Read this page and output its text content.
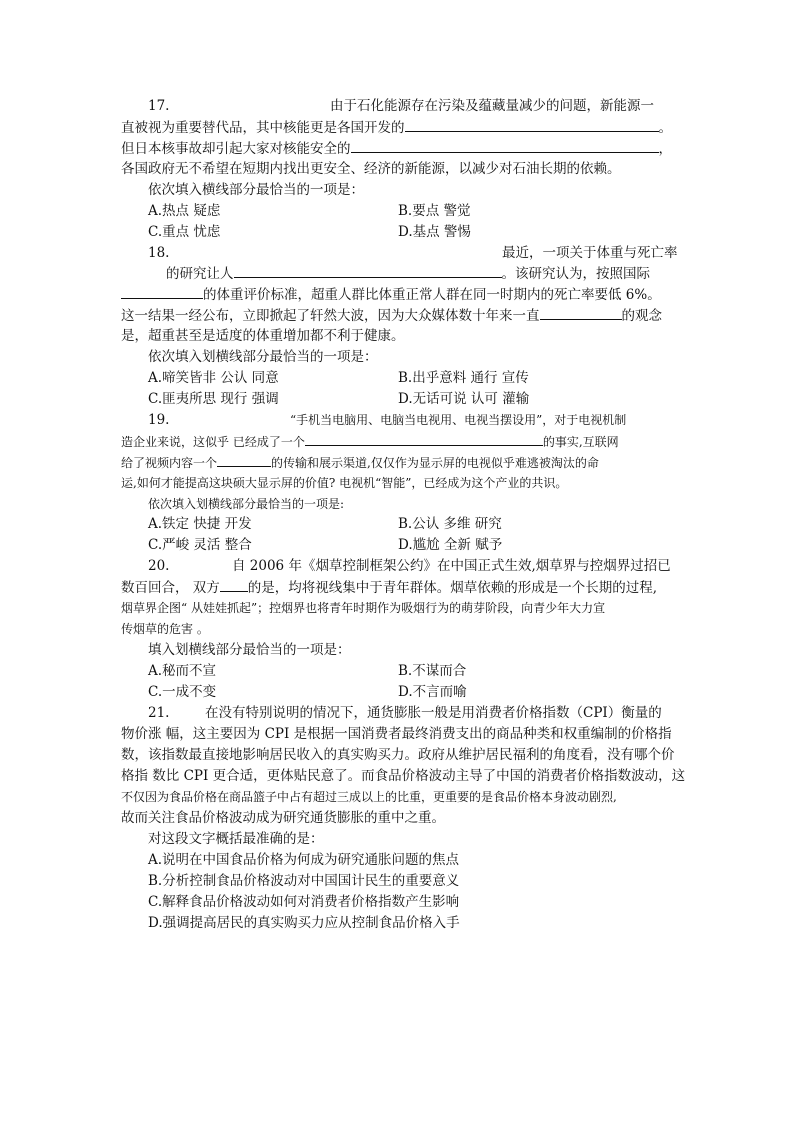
17.	由于石化能源存在污染及蕴藏量减少的问题，新能源一
直被视为重要替代品，其中核能更是各国开发的	。
但日本核事故却引起大家对核能安全的	，
各国政府无不希望在短期内找出更安全、经济的新能源，以减少对石油长期的依赖。
依次填入横线部分最恰当的一项是：
A.热点 疑虑	B.要点 警觉
C.重点 忧虑	D.基点 警惕
18.	最近，一项关于体重与死亡率
的研究让人	。该研究认为，按照国际
的体重评价标准，超重人群比体重正常人群在同一时期内的死亡率要低 6%。
这一结果一经公布，立即掀起了轩然大波，因为大众媒体数十年来一直	的观念
是，超重甚至是适度的体重增加都不利于健康。
依次填入划横线部分最恰当的一项是：
A.啼笑皆非 公认 同意	B.出乎意料 通行 宣传
C.匪夷所思 现行 强调	D.无话可说 认可 灌输
19.	“手机当电脑用、电脑当电视用、电视当摆设用”，对于电视机制
造企业来说，这似乎 已经成了一个	的事实,互联网
给了视频内容一个	的传输和展示渠道,仅仅作为显示屏的电视似乎难逃被淘汰的命
运,如何才能提高这块硕大显示屏的价值? 电视机“智能”，已经成为这个产业的共识。
依次填入划横线部分最恰当的一项是:
A.铁定 快捷 开发	B.公认 多维 研究
C.严峻 灵活 整合	D.尴尬 全新 赋予
20.	自 2006 年《烟草控制框架公约》在中国正式生效,烟草界与控烟界过招已
数百回合， 双方 的是，均将视线集中于青年群体。烟草依赖的形成是一个长期的过程,
烟草界企图“ 从娃娃抓起”；控烟界也将青年时期作为吸烟行为的萌芽阶段，向青少年大力宣
传烟草的危害 。
填入划横线部分最恰当的一项是：
A.秘而不宣	B.不谋而合
C.一成不变	D.不言而喻
21.	在没有特别说明的情况下，通货膨胀一般是用消费者价格指数（CPI）衡量的
物价涨 幅，这主要因为 CPI 是根据一国消费者最终消费支出的商品种类和权重编制的价格指
数，该指数最直接地影响居民收入的真实购买力。政府从维护居民福利的角度看，没有哪个价
格指 数比 CPI 更合适，更体贴民意了。而食品价格波动主导了中国的消费者价格指数波动，这
不仅因为食品价格在商品篮子中占有超过三成以上的比重，更重要的是食品价格本身波动剧烈,
故而关注食品价格波动成为研究通货膨胀的重中之重。
对这段文字概括最准确的是：
A.说明在中国食品价格为何成为研究通胀问题的焦点
B.分析控制食品价格波动对中国国计民生的重要意义
C.解释食品价格波动如何对消费者价格指数产生影响
D.强调提高居民的真实购买力应从控制食品价格入手
